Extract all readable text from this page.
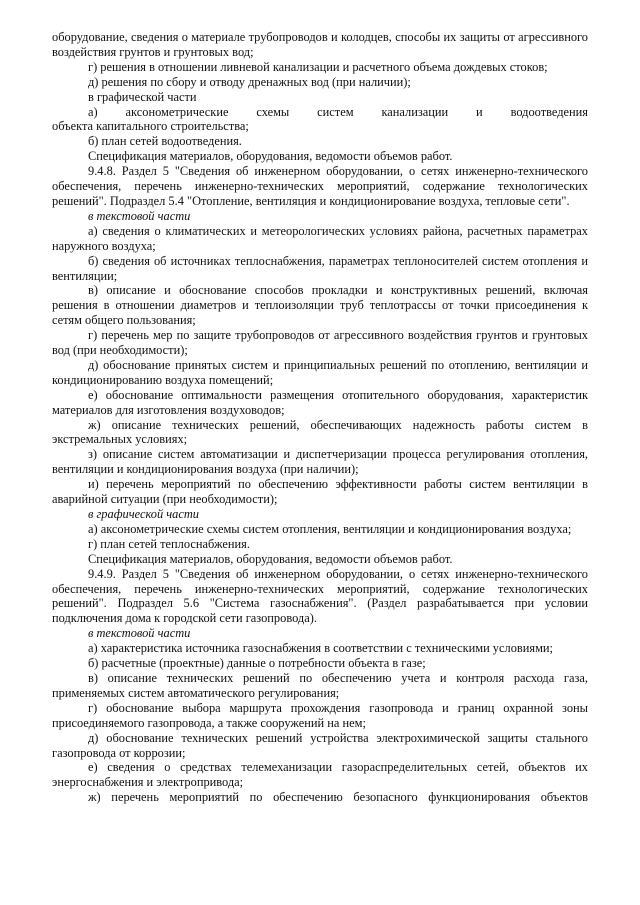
оборудование, сведения о материале трубопроводов и колодцев, способы их защиты от агрессивного воздействия грунтов и грунтовых вод;

г) решения в отношении ливневой канализации и расчетного объема дождевых стоков;

д) решения по сбору и отводу дренажных вод (при наличии);

в графической части

а) аксонометрические схемы систем канализации и водоотведения

объекта капитального строительства;

б) план сетей водоотведения.

Спецификация материалов, оборудования, ведомости объемов работ.

9.4.8. Раздел 5 "Сведения об инженерном оборудовании, о сетях инженерно-технического обеспечения, перечень инженерно-технических мероприятий, содержание технологических решений". Подраздел 5.4 "Отопление, вентиляция и кондиционирование воздуха, тепловые сети".

в текстовой части

а) сведения о климатических и метеорологических условиях района, расчетных параметрах наружного воздуха;

б) сведения об источниках теплоснабжения, параметрах теплоносителей систем отопления и вентиляции;

в) описание и обоснование способов прокладки и конструктивных решений, включая решения в отношении диаметров и теплоизоляции труб теплотрассы от точки присоединения к сетям общего пользования;

г) перечень мер по защите трубопроводов от агрессивного воздействия грунтов и грунтовых вод (при необходимости);

д) обоснование принятых систем и принципиальных решений по отоплению, вентиляции и кондиционированию воздуха помещений;

е) обоснование оптимальности размещения отопительного оборудования, характеристик материалов для изготовления воздуховодов;

ж) описание технических решений, обеспечивающих надежность работы систем в экстремальных условиях;

з) описание систем автоматизации и диспетчеризации процесса регулирования отопления, вентиляции и кондиционирования воздуха (при наличии);

и) перечень мероприятий по обеспечению эффективности работы систем вентиляции в аварийной ситуации (при необходимости);

в графической части

а) аксонометрические схемы систем отопления, вентиляции и кондиционирования воздуха;

г) план сетей теплоснабжения.

Спецификация материалов, оборудования, ведомости объемов работ.

9.4.9. Раздел 5 "Сведения об инженерном оборудовании, о сетях инженерно-технического обеспечения, перечень инженерно-технических мероприятий, содержание технологических решений". Подраздел 5.6 "Система газоснабжения". (Раздел разрабатывается при условии подключения дома к городской сети газопровода).

в текстовой части

а) характеристика источника газоснабжения в соответствии с техническими условиями;

б) расчетные (проектные) данные о потребности объекта в газе;

в) описание технических решений по обеспечению учета и контроля расхода газа, применяемых систем автоматического регулирования;

г) обоснование выбора маршрута прохождения газопровода и границ охранной зоны присоединяемого газопровода, а также сооружений на нем;

д) обоснование технических решений устройства электрохимической защиты стального газопровода от коррозии;

е) сведения о средствах телемеханизации газораспределительных сетей, объектов их энергоснабжения и электропривода;

ж) перечень мероприятий по обеспечению безопасного функционирования объектов
